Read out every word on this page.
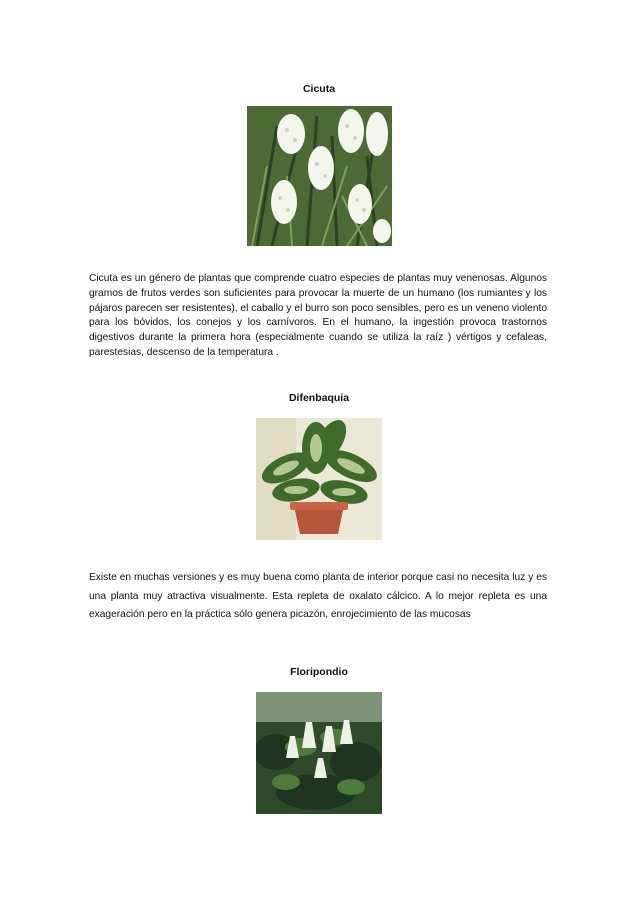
Cicuta

Cicuta es un género de plantas que comprende cuatro especies de plantas muy venenosas. Algunos gramos de frutos verdes son suficientes para provocar la muerte de un humano (los rumiantes y los pájaros parecen ser resistentes), el caballo y el burro son poco sensibles, pero es un veneno violento para los bóvidos, los conejos y los carnívoros. En el humano, la ingestión provoca trastornos digestivos durante la primera hora (especialmente cuando se utiliza la raíz ) vértigos y cefaleas, parestesias, descenso de la temperatura .

Difenbaquia

Existe en muchas versiones y es muy buena como planta de interior porque casi no necesita luz y es una planta muy atractiva visualmente. Esta repleta de oxalato cálcico. A lo mejor repleta es una exageración pero en la práctica sólo genera picazón, enrojecimiento de las mucosas

Floripondio
